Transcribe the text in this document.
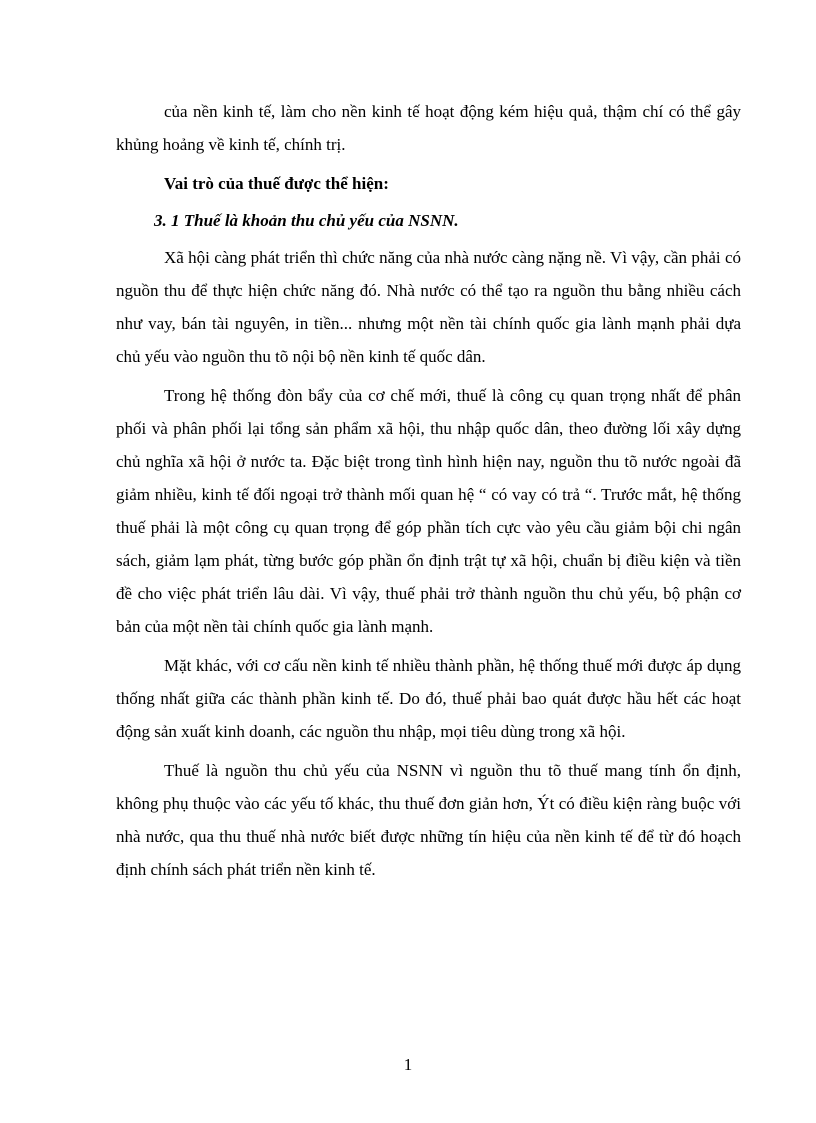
của nền kinh tế, làm cho nền kinh tế hoạt động kém hiệu quả, thậm chí có thể gây khủng hoảng về kinh tế, chính trị.

Vai trò của thuế được thể hiện:

3. 1 Thuế là khoản thu chủ yếu của NSNN.

Xã hội càng phát triển thì chức năng của nhà nước càng nặng nề. Vì vậy, cần phải có nguồn thu để thực hiện chức năng đó. Nhà nước có thể tạo ra nguồn thu bằng nhiều cách như vay, bán tài nguyên, in tiền... nhưng một nền tài chính quốc gia lành mạnh phải dựa chủ yếu vào nguồn thu tõ nội bộ nền kinh tế quốc dân.

Trong hệ thống đòn bẩy của cơ chế mới, thuế là công cụ quan trọng nhất để phân phối và phân phối lại tổng sản phẩm xã hội, thu nhập quốc dân, theo đường lối xây dựng chủ nghĩa xã hội ở nước ta. Đặc biệt trong tình hình hiện nay, nguồn thu tõ nước ngoài đã giảm nhiều, kinh tế đối ngoại trở thành mối quan hệ “ có vay có trả “. Trước mắt, hệ thống thuế phải là một công cụ quan trọng để góp phần tích cực vào yêu cầu giảm bội chi ngân sách, giảm lạm phát, từng bước góp phần ổn định trật tự xã hội, chuẩn bị điều kiện và tiền đề cho việc phát triển lâu dài. Vì vậy, thuế phải trở thành nguồn thu chủ yếu, bộ phận cơ bản của một nền tài chính quốc gia lành mạnh.

Mặt khác, với cơ cấu nền kinh tế nhiều thành phần, hệ thống thuế mới được áp dụng thống nhất giữa các thành phần kinh tế. Do đó, thuế phải bao quát được hầu hết các hoạt động sản xuất kinh doanh, các nguồn thu nhập, mọi tiêu dùng trong xã hội.

Thuế là nguồn thu chủ yếu của NSNN vì nguồn thu tõ thuế mang tính ổn định, không phụ thuộc vào các yếu tố khác, thu thuế đơn giản hơn, Ýt có điều kiện ràng buộc với nhà nước, qua thu thuế nhà nước biết được những tín hiệu của nền kinh tế để từ đó hoạch định chính sách phát triển nền kinh tế.

1
